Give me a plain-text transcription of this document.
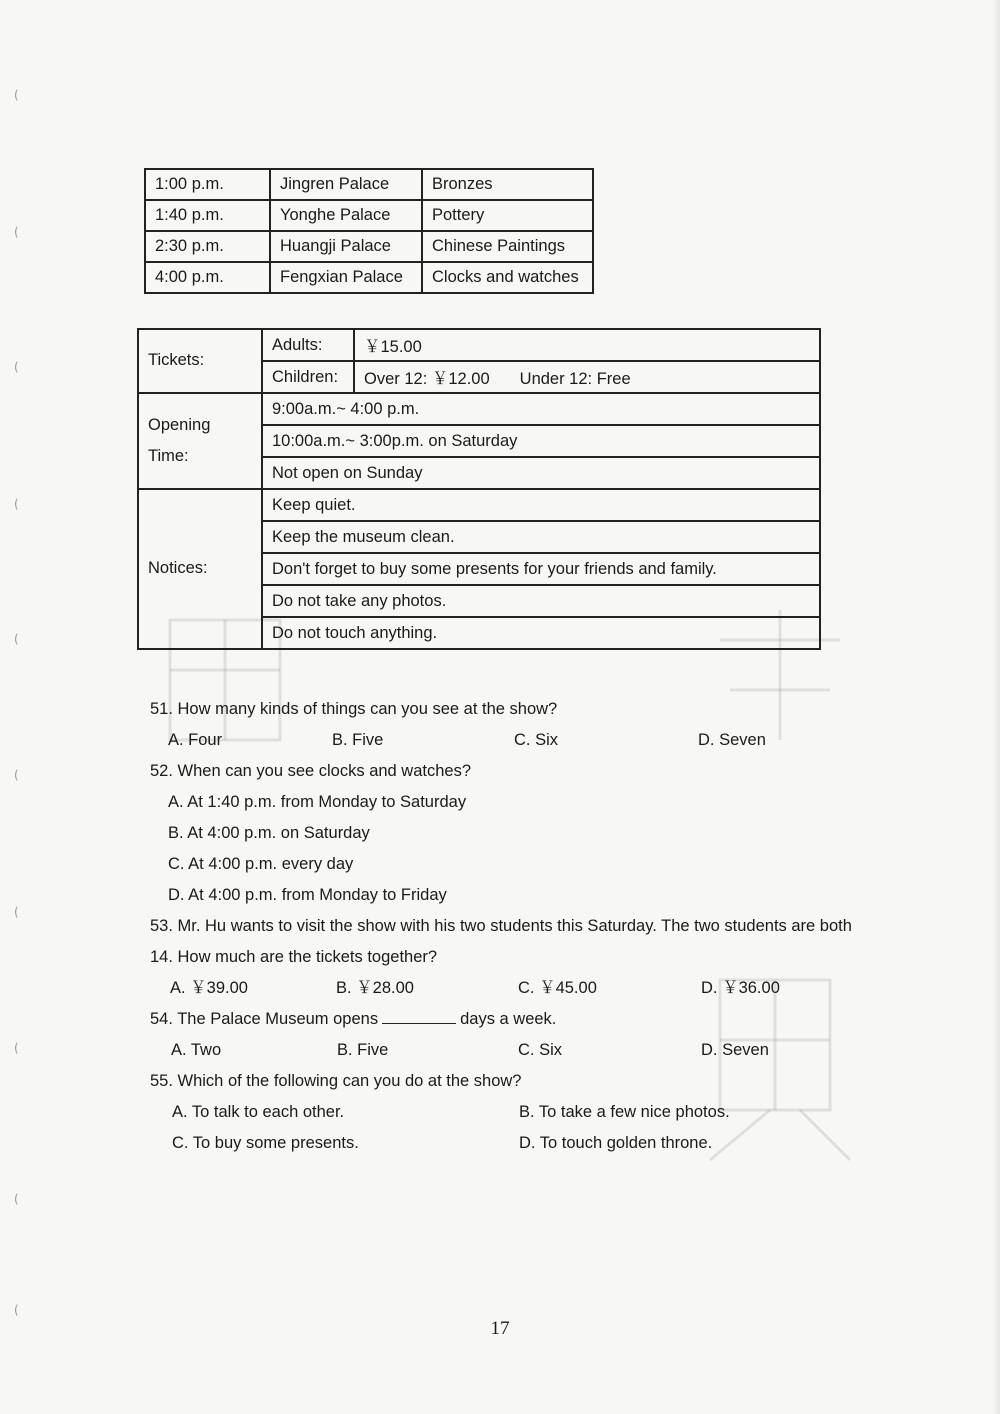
(
(
(
(
(
(
(
(
(
(
1:00 p.m.	Jingren Palace	Bronzes
1:40 p.m.	Yonghe Palace	Pottery
2:30 p.m.	Huangji Palace	Chinese Paintings
4:00 p.m.	Fengxian Palace	Clocks and watches
Tickets:	Adults:	￥15.00
	Children:	Over 12: ￥12.00 Under 12: Free
Opening
Time:	9:00a.m.~ 4:00 p.m.	
	10:00a.m.~ 3:00p.m. on Saturday	
	Not open on Sunday	
Notices:	Keep quiet.	
	Keep the museum clean.	
	Don't forget to buy some presents for your friends and family.	
	Do not take any photos.	
	Do not touch anything.	
51. How many kinds of things can you see at the show?
A. Four	B. Five	C. Six	D. Seven
52. When can you see clocks and watches?
A. At 1:40 p.m. from Monday to Saturday
B. At 4:00 p.m. on Saturday
C. At 4:00 p.m. every day
D. At 4:00 p.m. from Monday to Friday
53. Mr. Hu wants to visit the show with his two students this Saturday. The two students are both
14. How much are the tickets together?
A. ￥39.00	B. ￥28.00	C. ￥45.00	D. ￥36.00
54. The Palace Museum opens	days a week.
A. Two	B. Five	C. Six	D. Seven
55. Which of the following can you do at the show?
A. To talk to each other.	B. To take a few nice photos.
C. To buy some presents.	D. To touch golden throne.
17
